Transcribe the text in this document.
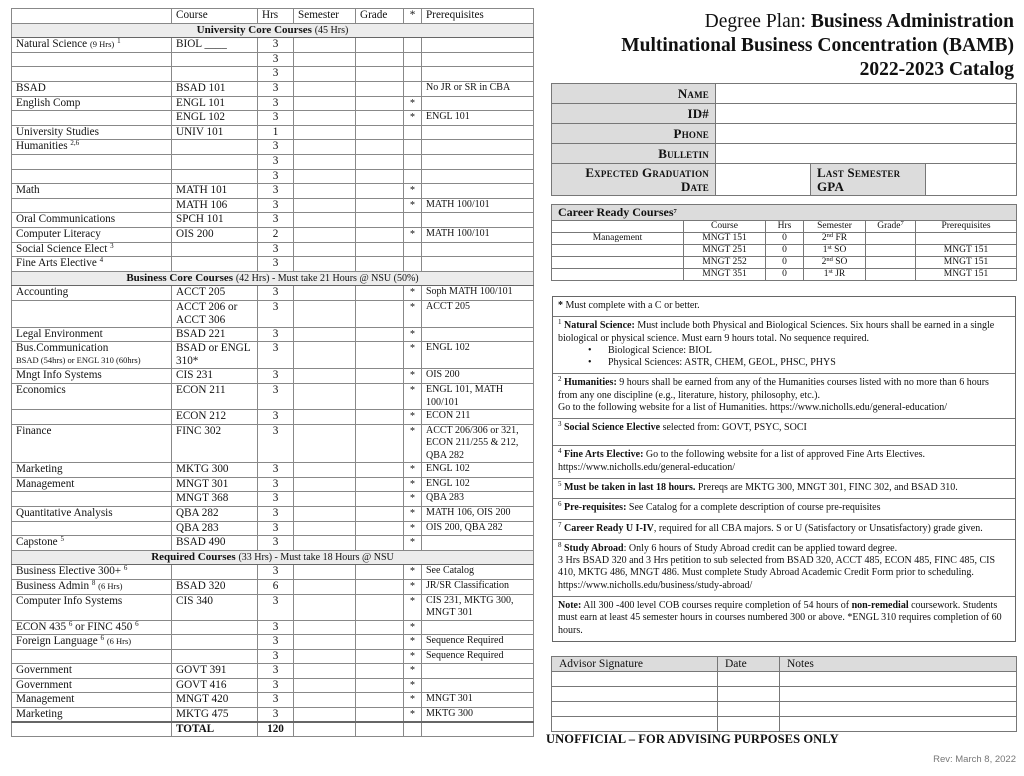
	Course	Hrs	Semester	Grade	*	Prerequisites
University Core Courses (45 Hrs)						
Natural Science (9 Hrs) $^1$	BIOL ____	3				
		3				
		3				
BSAD	BSAD 101	3				No JR or SR in CBA
English Comp	ENGL 101	3			*	
	ENGL 102	3			*	ENGL 101
University Studies	UNIV 101	1				
Humanities $^{2,6}$		3				
		3				
		3				
Math	MATH 101	3			*	
	MATH 106	3			*	MATH 100/101
Oral Communications	SPCH 101	3				
Computer Literacy	OIS 200	2			*	MATH 100/101
Social Science Elect $^3$		3				
Fine Arts Elective $^4$		3				
Business Core Courses (42 Hrs) - Must take 21 Hours @ NSU (50%)						
Accounting	ACCT 205	3			*	Soph MATH 100/101
	ACCT 206 or ACCT 306	3			*	ACCT 205
Legal Environment	BSAD 221	3			*	
Bus.Communication
BSAD (54hrs) or ENGL 310 (60hrs)	BSAD or ENGL 310*	3			*	ENGL 102
Mngt Info Systems	CIS 231	3			*	OIS 200
Economics	ECON 211	3			*	ENGL 101, MATH 100/101
	ECON 212	3			*	ECON 211
Finance	FINC 302	3			*	ACCT 206/306 or 321, ECON 211/255 & 212, QBA 282
Marketing	MKTG 300	3			*	ENGL 102
Management	MNGT 301	3			*	ENGL 102
	MNGT 368	3			*	QBA 283
Quantitative Analysis	QBA 282	3			*	MATH 106, OIS 200
	QBA 283	3			*	OIS 200, QBA 282
Capstone $^5$	BSAD 490	3			*	
Required Courses (33 Hrs) - Must take 18 Hours @ NSU						
Business Elective 300+ $^6$		3			*	See Catalog
Business Admin $^8$ (6 Hrs)	BSAD 320	6			*	JR/SR Classification
Computer Info Systems	CIS 340	3			*	CIS 231, MKTG 300, MNGT 301
ECON 435 $^6$ or FINC 450 $^6$		3			*	
Foreign Language $^6$ (6 Hrs)		3			*	Sequence Required
		3			*	Sequence Required
Government	GOVT 391	3			*	
Government	GOVT 416	3			*	
Management	MNGT 420	3			*	MNGT 301
Marketing	MKTG 475	3			*	MKTG 300
	TOTAL	120				
Degree Plan: Business Administration
Multinational Business Concentration (BAMB)
2022-2023 Catalog
Name			
ID#			
Phone			
Bulletin			

Expected Graduation
Date

Last Semester
GPA

Career Ready Courses$^7$
	Course	Hrs	Semester	Grade$^7$	Prerequisites
Management	MNGT 151	0	2nd FR		
	MNGT 251	0	1st SO		MNGT 151
	MNGT 252	0	2nd SO		MNGT 151
	MNGT 351	0	1st JR		MNGT 151
* Must complete with a C or better.
$^1$ Natural Science: Must include both Physical and Biological Sciences. Six hours shall be earned in a single biological or physical science. Must earn 9 hours total. No sequence required.
• Biological Science: BIOL
• Physical Sciences: ASTR, CHEM, GEOL, PHSC, PHYS
$^2$ Humanities: 9 hours shall be earned from any of the Humanities courses listed with no more than 6 hours from any one discipline (e.g., literature, history, philosophy, etc.).
Go to the following website for a list of Humanities. https://www.nicholls.edu/general-education/
$^3$ Social Science Elective selected from: GOVT, PSYC, SOCI
$^4$ Fine Arts Elective: Go to the following website for a list of approved Fine Arts Electives.
https://www.nicholls.edu/general-education/
$^5$ Must be taken in last 18 hours. Prereqs are MKTG 300, MNGT 301, FINC 302, and BSAD 310.
$^6$ Pre-requisites: See Catalog for a complete description of course pre-requisites
$^7$ Career Ready U I-IV, required for all CBA majors. S or U (Satisfactory or Unsatisfactory) grade given.
$^8$ Study Abroad: Only 6 hours of Study Abroad credit can be applied toward degree.
3 Hrs BSAD 320 and 3 Hrs petition to sub selected from BSAD 320, ACCT 485, ECON 485, FINC 485, CIS 410, MKTG 486, MNGT 486. Must complete Study Abroad Academic Credit Form prior to scheduling. https://www.nicholls.edu/business/study-abroad/
Note: All 300 -400 level COB courses require completion of 54 hours of non-remedial coursework. Students must earn at least 45 semester hours in courses numbered 300 or above. *ENGL 310 requires completion of 60 hours.
Advisor Signature	Date	Notes

UNOFFICIAL – FOR ADVISING PURPOSES ONLY
Rev: March 8, 2022
